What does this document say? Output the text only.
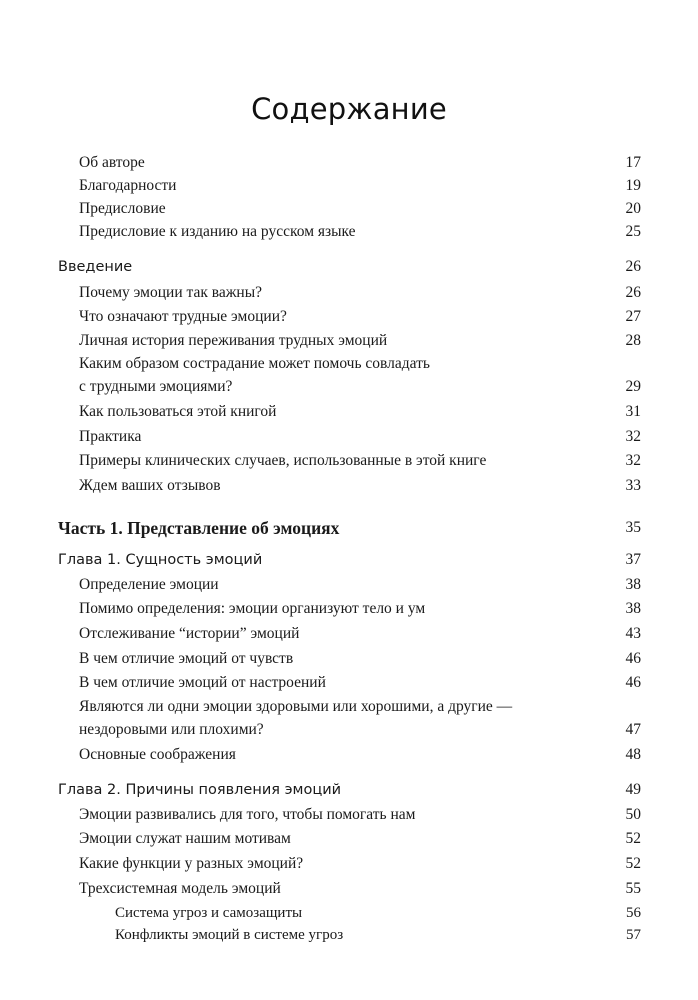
Содержание
Об авторе	17
Благодарности	19
Предисловие	20
Предисловие к изданию на русском языке	25
Введение	26
Почему эмоции так важны?	26
Что означают трудные эмоции?	27
Личная история переживания трудных эмоций	28
Каким образом сострадание может помочь совладать
с трудными эмоциями?	29
Как пользоваться этой книгой	31
Практика	32
Примеры клинических случаев, использованные в этой книге	32
Ждем ваших отзывов	33
Часть 1. Представление об эмоциях	35
Глава 1. Сущность эмоций	37
Определение эмоции	38
Помимо определения: эмоции организуют тело и ум	38
Отслеживание “истории” эмоций	43
В чем отличие эмоций от чувств	46
В чем отличие эмоций от настроений	46
Являются ли одни эмоции здоровыми или хорошими, а другие —
нездоровыми или плохими?	47
Основные соображения	48
Глава 2. Причины появления эмоций	49
Эмоции развивались для того, чтобы помогать нам	50
Эмоции служат нашим мотивам	52
Какие функции у разных эмоций?	52
Трехсистемная модель эмоций	55
Система угроз и самозащиты	56
Конфликты эмоций в системе угроз	57
